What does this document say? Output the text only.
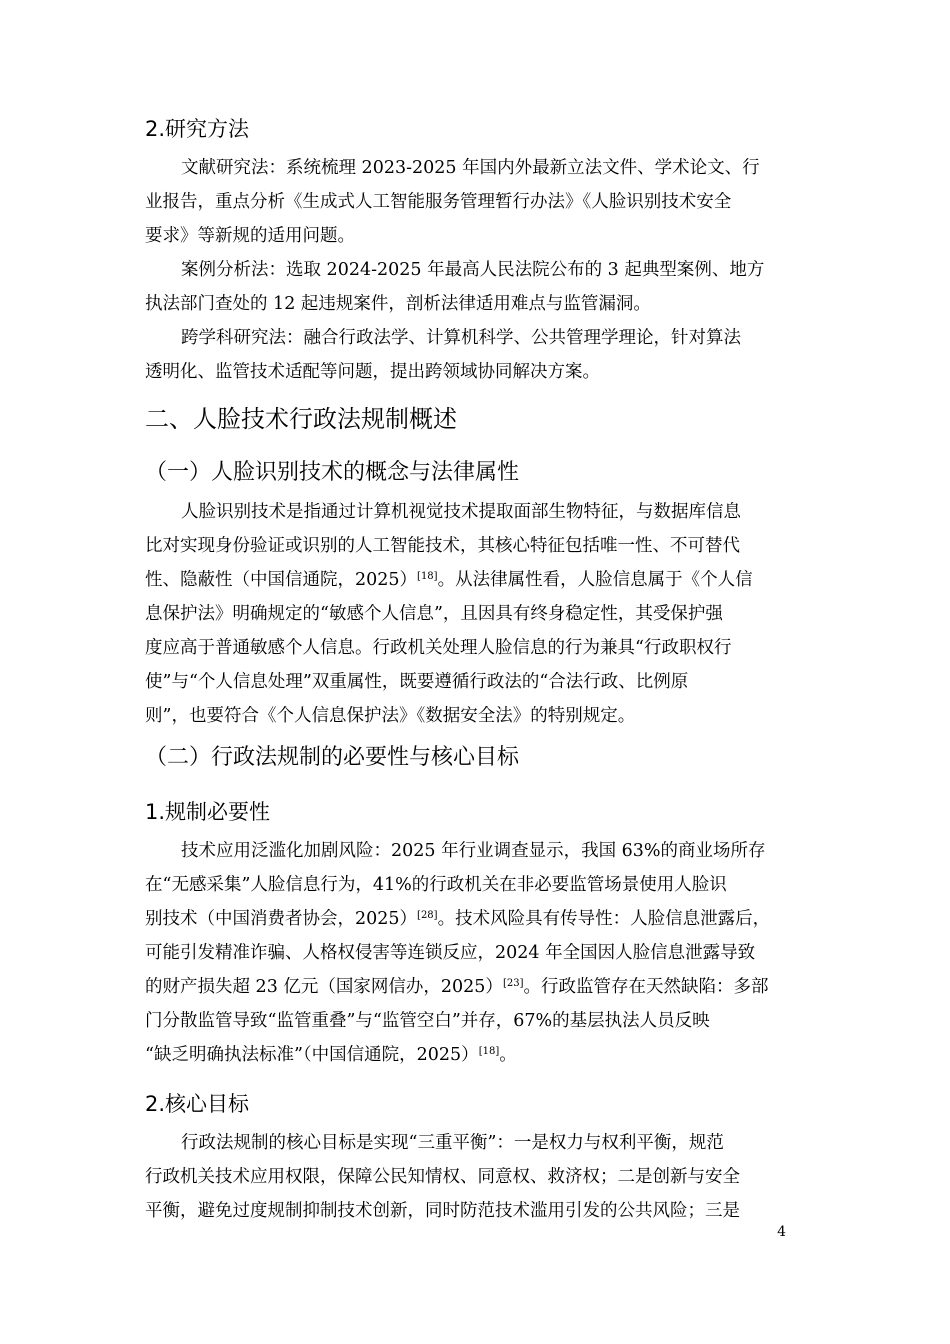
2.研究方法
文献研究法：系统梳理 2023-2025 年国内外最新立法文件、学术论文、行
业报告，重点分析《生成式人工智能服务管理暂行办法》《人脸识别技术安全
要求》等新规的适用问题。
案例分析法：选取 2024-2025 年最高人民法院公布的 3 起典型案例、地方
执法部门查处的 12 起违规案件，剖析法律适用难点与监管漏洞。
跨学科研究法：融合行政法学、计算机科学、公共管理学理论，针对算法
透明化、监管技术适配等问题，提出跨领域协同解决方案。
二、人脸技术行政法规制概述
（一）人脸识别技术的概念与法律属性
人脸识别技术是指通过计算机视觉技术提取面部生物特征，与数据库信息
比对实现身份验证或识别的人工智能技术，其核心特征包括唯一性、不可替代
性、隐蔽性（中国信通院，2025）[18]。从法律属性看，人脸信息属于《个人信
息保护法》明确规定的“敏感个人信息”，且因具有终身稳定性，其受保护强
度应高于普通敏感个人信息。行政机关处理人脸信息的行为兼具“行政职权行
使”与“个人信息处理”双重属性，既要遵循行政法的“合法行政、比例原
则”，也要符合《个人信息保护法》《数据安全法》的特别规定。
（二）行政法规制的必要性与核心目标
1.规制必要性
技术应用泛滥化加剧风险：2025 年行业调查显示，我国 63%的商业场所存
在“无感采集”人脸信息行为，41%的行政机关在非必要监管场景使用人脸识
别技术（中国消费者协会，2025）[28]。技术风险具有传导性：人脸信息泄露后，
可能引发精准诈骗、人格权侵害等连锁反应，2024 年全国因人脸信息泄露导致
的财产损失超 23 亿元（国家网信办，2025）[23]。行政监管存在天然缺陷：多部
门分散监管导致“监管重叠”与“监管空白”并存，67%的基层执法人员反映
“缺乏明确执法标准”（中国信通院，2025）[18]。
2.核心目标
行政法规制的核心目标是实现“三重平衡”：一是权力与权利平衡，规范
行政机关技术应用权限，保障公民知情权、同意权、救济权；二是创新与安全
平衡，避免过度规制抑制技术创新，同时防范技术滥用引发的公共风险；三是
4
